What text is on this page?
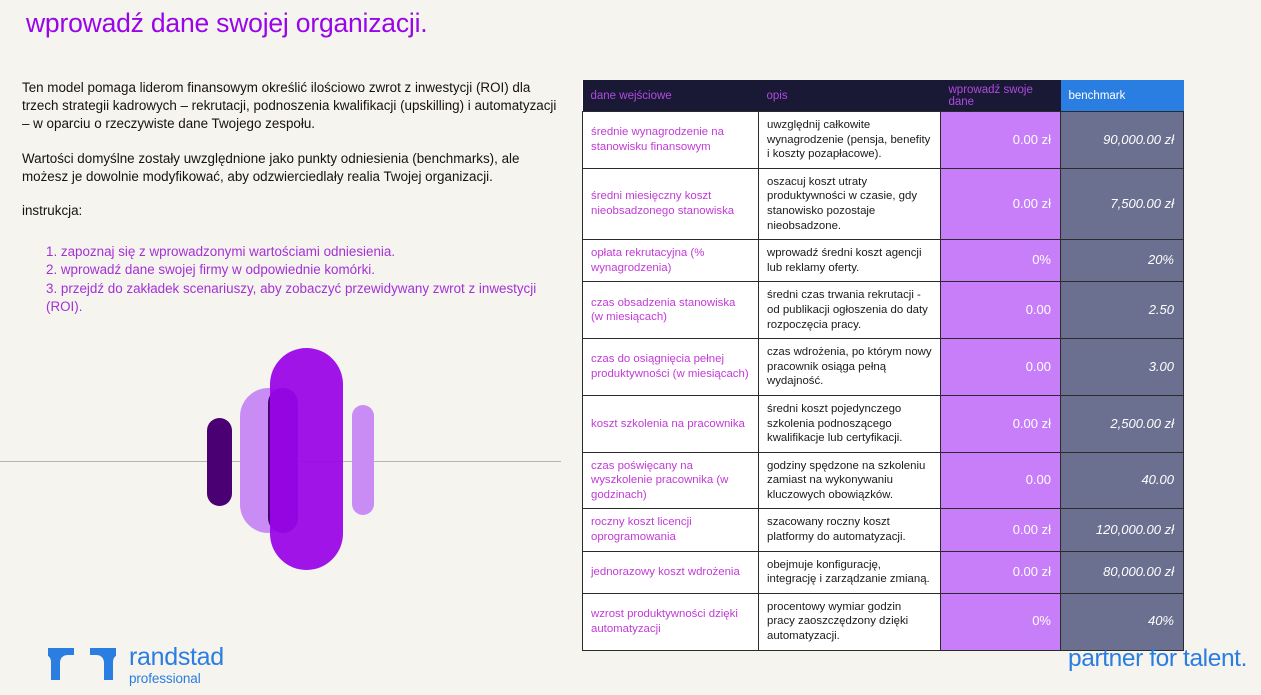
wprowadź dane swojej organizacji.

Ten model pomaga liderom finansowym określić ilościowo zwrot z inwestycji (ROI) dla trzech strategii kadrowych – rekrutacji, podnoszenia kwalifikacji (upskilling) i automatyzacji – w oparciu o rzeczywiste dane Twojego zespołu.

Wartości domyślne zostały uwzględnione jako punkty odniesienia (benchmarks), ale możesz je dowolnie modyfikować, aby odzwierciedlały realia Twojej organizacji.

instrukcja:

1. zapoznaj się z wprowadzonymi wartościami odniesienia.
2. wprowadź dane swojej firmy w odpowiednie komórki.
3. przejdź do zakładek scenariuszy, aby zobaczyć przewidywany zwrot z inwestycji (ROI).
dane wejściowe	opis	wprowadź swoje dane	benchmark
średnie wynagrodzenie na stanowisku finansowym	uwzględnij całkowite wynagrodzenie (pensja, benefity i koszty pozapłacowe).	0.00 zł	90,000.00 zł
średni miesięczny koszt nieobsadzonego stanowiska	oszacuj koszt utraty produktywności w czasie, gdy stanowisko pozostaje nieobsadzone.	0.00 zł	7,500.00 zł
opłata rekrutacyjna (% wynagrodzenia)	wprowadź średni koszt agencji lub reklamy oferty.	0%	20%
czas obsadzenia stanowiska (w miesiącach)	średni czas trwania rekrutacji - od publikacji ogłoszenia do daty rozpoczęcia pracy.	0.00	2.50
czas do osiągnięcia pełnej produktywności (w miesiącach)	czas wdrożenia, po którym nowy pracownik osiąga pełną wydajność.	0.00	3.00
koszt szkolenia na pracownika	średni koszt pojedynczego szkolenia podnoszącego kwalifikacje lub certyfikacji.	0.00 zł	2,500.00 zł
czas poświęcany na wyszkolenie pracownika (w godzinach)	godziny spędzone na szkoleniu zamiast na wykonywaniu kluczowych obowiązków.	0.00	40.00
roczny koszt licencji oprogramowania	szacowany roczny koszt platformy do automatyzacji.	0.00 zł	120,000.00 zł
jednorazowy koszt wdrożenia	obejmuje konfigurację, integrację i zarządzanie zmianą.	0.00 zł	80,000.00 zł
wzrost produktywności dzięki automatyzacji	procentowy wymiar godzin pracy zaoszczędzony dzięki automatyzacji.	0%	40%
randstad
professional
partner for talent.
